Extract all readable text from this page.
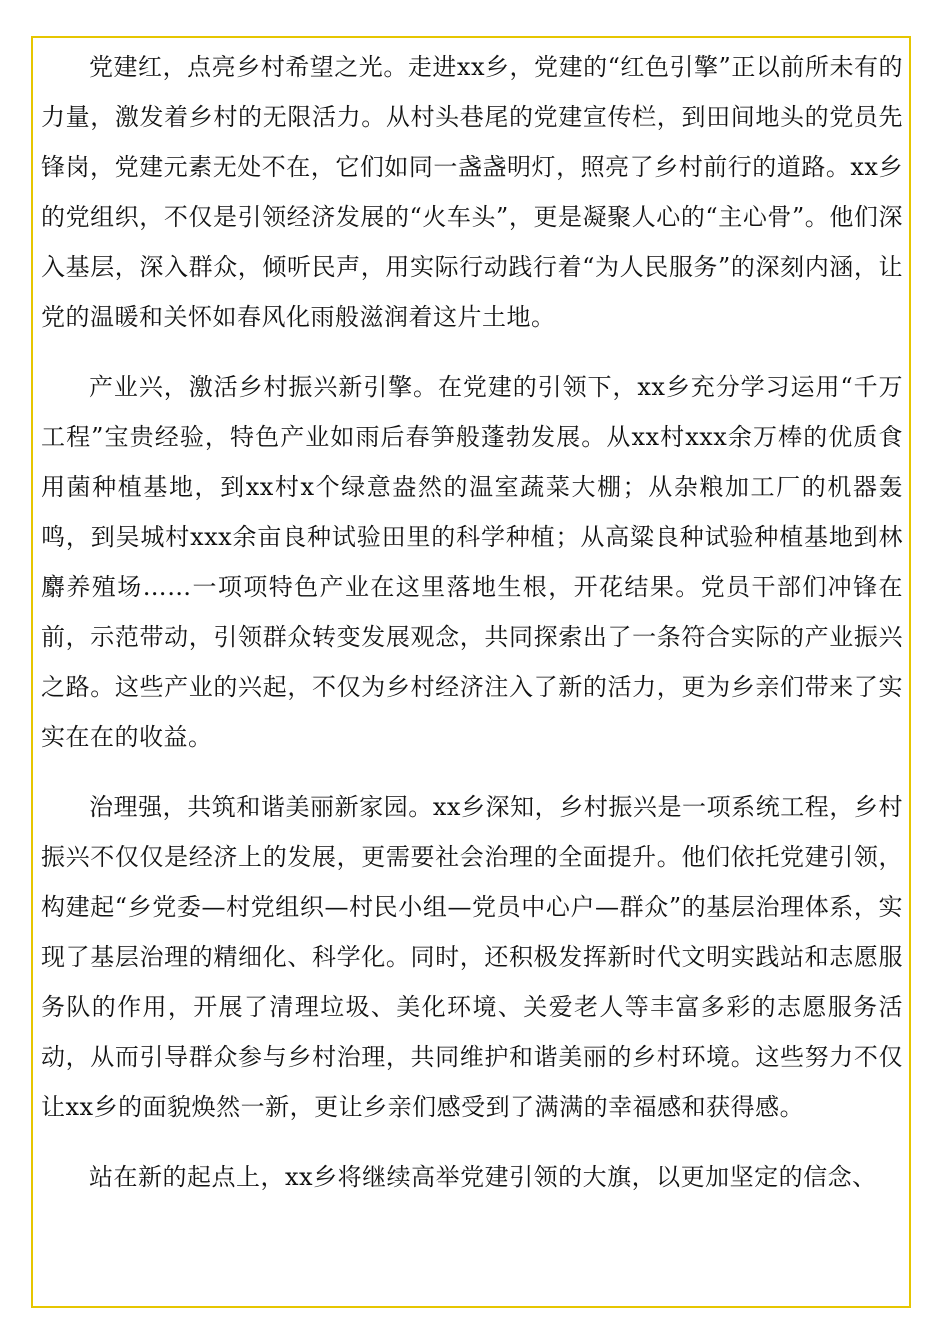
党建红，点亮乡村希望之光。走进xx乡，党建的“红色引擎”正以前所未有的力量，激发着乡村的无限活力。从村头巷尾的党建宣传栏，到田间地头的党员先锋岗，党建元素无处不在，它们如同一盏盏明灯，照亮了乡村前行的道路。xx乡的党组织，不仅是引领经济发展的“火车头”，更是凝聚人心的“主心骨”。他们深入基层，深入群众，倾听民声，用实际行动践行着“为人民服务”的深刻内涵，让党的温暖和关怀如春风化雨般滋润着这片土地。

产业兴，激活乡村振兴新引擎。在党建的引领下，xx乡充分学习运用“千万工程”宝贵经验，特色产业如雨后春笋般蓬勃发展。从xx村xxx余万棒的优质食用菌种植基地，到xx村x个绿意盎然的温室蔬菜大棚；从杂粮加工厂的机器轰鸣，到吴城村xxx余亩良种试验田里的科学种植；从高粱良种试验种植基地到林麝养殖场……一项项特色产业在这里落地生根，开花结果。党员干部们冲锋在前，示范带动，引领群众转变发展观念，共同探索出了一条符合实际的产业振兴之路。这些产业的兴起，不仅为乡村经济注入了新的活力，更为乡亲们带来了实实在在的收益。

治理强，共筑和谐美丽新家园。xx乡深知，乡村振兴是一项系统工程，乡村振兴不仅仅是经济上的发展，更需要社会治理的全面提升。他们依托党建引领，构建起“乡党委—村党组织—村民小组—党员中心户—群众”的基层治理体系，实现了基层治理的精细化、科学化。同时，还积极发挥新时代文明实践站和志愿服务队的作用，开展了清理垃圾、美化环境、关爱老人等丰富多彩的志愿服务活动，从而引导群众参与乡村治理，共同维护和谐美丽的乡村环境。这些努力不仅让xx乡的面貌焕然一新，更让乡亲们感受到了满满的幸福感和获得感。

站在新的起点上，xx乡将继续高举党建引领的大旗，以更加坚定的信念、
